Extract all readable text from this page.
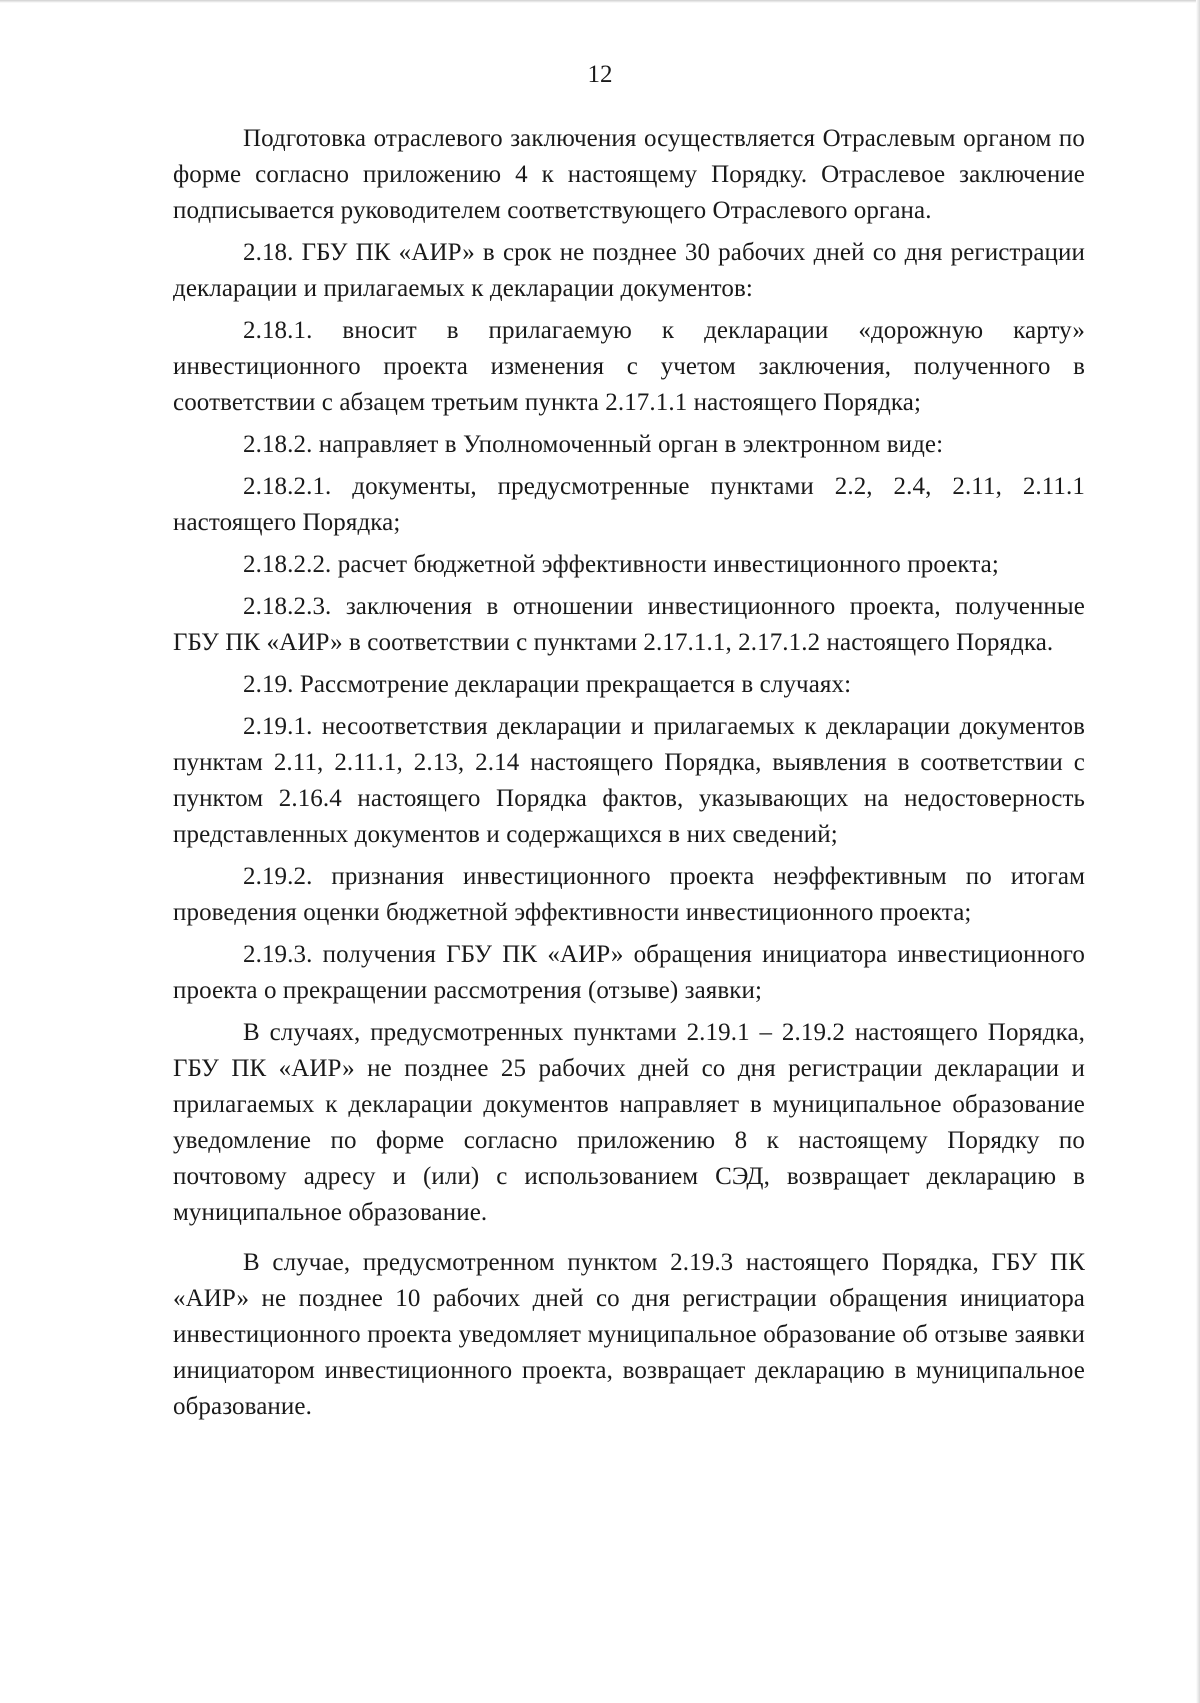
12

Подготовка отраслевого заключения осуществляется Отраслевым органом по форме согласно приложению 4 к настоящему Порядку. Отраслевое заключение подписывается руководителем соответствующего Отраслевого органа.

2.18. ГБУ ПК «АИР» в срок не позднее 30 рабочих дней со дня регистрации декларации и прилагаемых к декларации документов:

2.18.1. вносит в прилагаемую к декларации «дорожную карту» инвестиционного проекта изменения с учетом заключения, полученного в соответствии с абзацем третьим пункта 2.17.1.1 настоящего Порядка;

2.18.2. направляет в Уполномоченный орган в электронном виде:

2.18.2.1. документы, предусмотренные пунктами 2.2, 2.4, 2.11, 2.11.1 настоящего Порядка;

2.18.2.2. расчет бюджетной эффективности инвестиционного проекта;

2.18.2.3. заключения в отношении инвестиционного проекта, полученные ГБУ ПК «АИР» в соответствии с пунктами 2.17.1.1, 2.17.1.2 настоящего Порядка.

2.19. Рассмотрение декларации прекращается в случаях:

2.19.1. несоответствия декларации и прилагаемых к декларации документов пунктам 2.11, 2.11.1, 2.13, 2.14 настоящего Порядка, выявления в соответствии с пунктом 2.16.4 настоящего Порядка фактов, указывающих на недостоверность представленных документов и содержащихся в них сведений;

2.19.2. признания инвестиционного проекта неэффективным по итогам проведения оценки бюджетной эффективности инвестиционного проекта;

2.19.3. получения ГБУ ПК «АИР» обращения инициатора инвестиционного проекта о прекращении рассмотрения (отзыве) заявки;

В случаях, предусмотренных пунктами 2.19.1 – 2.19.2 настоящего Порядка, ГБУ ПК «АИР» не позднее 25 рабочих дней со дня регистрации декларации и прилагаемых к декларации документов направляет в муниципальное образование уведомление по форме согласно приложению 8 к настоящему Порядку по почтовому адресу и (или) с использованием СЭД, возвращает декларацию в муниципальное образование.

В случае, предусмотренном пунктом 2.19.3 настоящего Порядка, ГБУ ПК «АИР» не позднее 10 рабочих дней со дня регистрации обращения инициатора инвестиционного проекта уведомляет муниципальное образование об отзыве заявки инициатором инвестиционного проекта, возвращает декларацию в муниципальное образование.
